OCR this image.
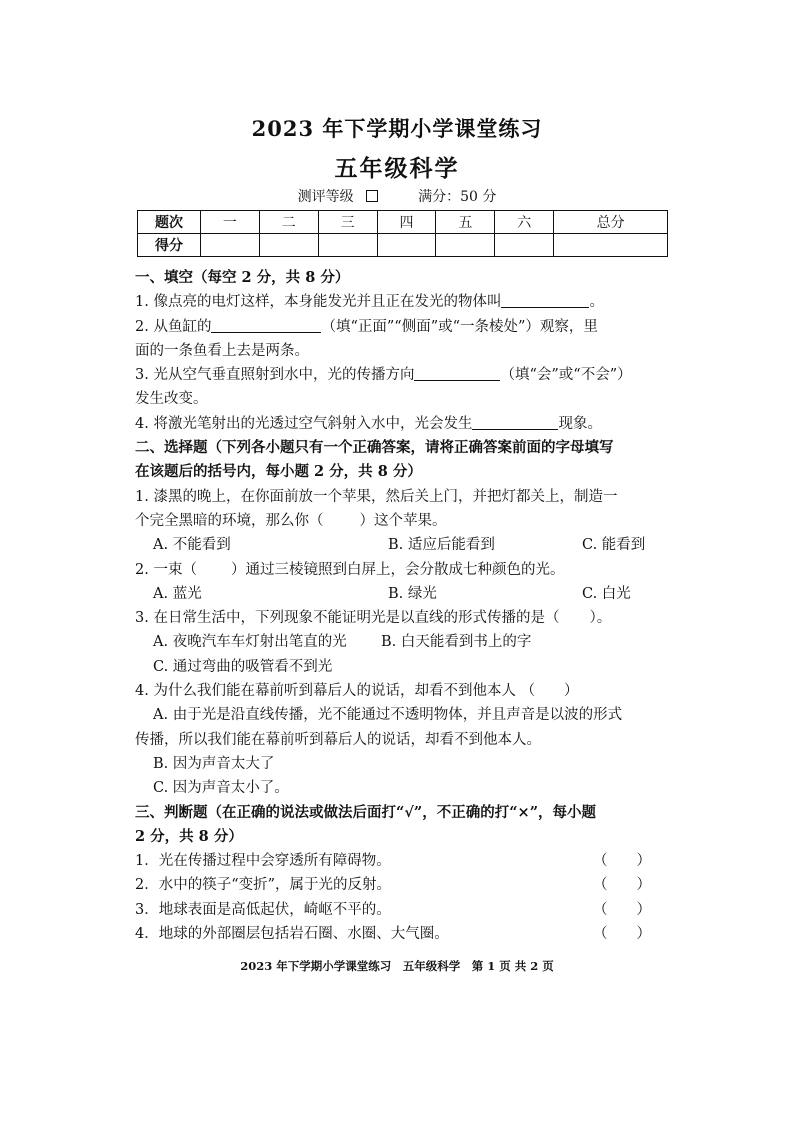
2023 年下学期小学课堂练习
五年级科学
测评等级	满分：50 分
题次	一	二	三	四	五	六	总分
得分							
一、填空（每空 2 分，共 8 分）
1. 像点亮的电灯这样，本身能发光并且正在发光的物体叫	。
2. 从鱼缸的	（填“正面”“侧面”或“一条棱处”）观察，里
面的一条鱼看上去是两条。
3. 光从空气垂直照射到水中，光的传播方向	（填“会”或“不会”）
发生改变。
4. 将激光笔射出的光透过空气斜射入水中，光会发生	现象。
二、选择题（下列各小题只有一个正确答案，请将正确答案前面的字母填写
在该题后的括号内，每小题 2 分，共 8 分）
1. 漆黑的晚上，在你面前放一个苹果，然后关上门，并把灯都关上，制造一
个完全黑暗的环境，那么你（ ）这个苹果。
A. 不能看到	B. 适应后能看到	C. 能看到
2. 一束（ ）通过三棱镜照到白屏上，会分散成七种颜色的光。
A. 蓝光	B. 绿光	C. 白光
3. 在日常生活中，下列现象不能证明光是以直线的形式传播的是（ ）。
A. 夜晚汽车车灯射出笔直的光	B. 白天能看到书上的字
C. 通过弯曲的吸管看不到光
4. 为什么我们能在幕前听到幕后人的说话，却看不到他本人 （　　）
A. 由于光是沿直线传播，光不能通过不透明物体，并且声音是以波的形式
传播，所以我们能在幕前听到幕后人的说话，却看不到他本人。
B. 因为声音太大了
C. 因为声音太小了。
三、判断题（在正确的说法或做法后面打“√”，不正确的打“×”，每小题
2 分，共 8 分）
1．光在传播过程中会穿透所有障碍物。	（　　）
2．水中的筷子“变折”，属于光的反射。	（　　）
3．地球表面是高低起伏，崎岖不平的。	（　　）
4．地球的外部圈层包括岩石圈、水圈、大气圈。	（　　）
2023 年下学期小学课堂练习　五年级科学　第 1 页 共 2 页
